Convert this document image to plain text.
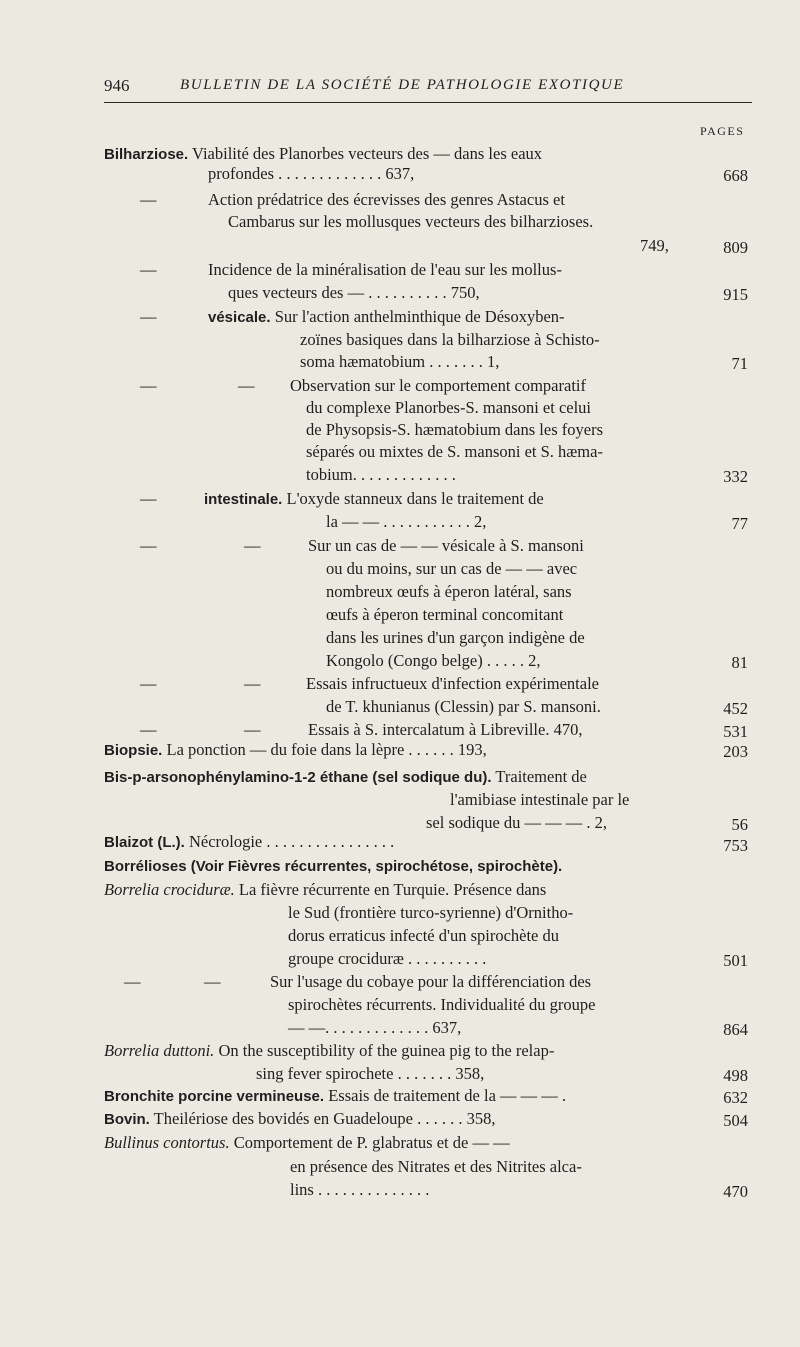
946	BULLETIN DE LA SOCIÉTÉ DE PATHOLOGIE EXOTIQUE
PAGES
Bilharziose. Viabilité des Planorbes vecteurs des — dans les eaux
profondes . . . . . . . . . . . . . 637,	668
—	Action prédatrice des écrevisses des genres Astacus et
Cambarus sur les mollusques vecteurs des bilharzioses.
749,	809
—	Incidence de la minéralisation de l'eau sur les mollus-
ques vecteurs des — . . . . . . . . . . 750,	915
—	vésicale. Sur l'action anthelminthique de Désoxyben-
zoïnes basiques dans la bilharziose à Schisto-
soma hæmatobium . . . . . . . 1,	71
—	— Observation sur le comportement comparatif
du complexe Planorbes-S. mansoni et celui
de Physopsis-S. hæmatobium dans les foyers
séparés ou mixtes de S. mansoni et S. hæma-
tobium. . . . . . . . . . . . .	332
—	intestinale. L'oxyde stanneux dans le traitement de
la — — . . . . . . . . . . . 2,	77
—	—	Sur un cas de — — vésicale à S. mansoni
ou du moins, sur un cas de — — avec
nombreux œufs à éperon latéral, sans
œufs à éperon terminal concomitant
dans les urines d'un garçon indigène de
Kongolo (Congo belge) . . . . . 2,	81
—	—	Essais infructueux d'infection expérimentale
de T. khunianus (Clessin) par S. mansoni.	452
—	—	Essais à S. intercalatum à Libreville. 470,	531
Biopsie. La ponction — du foie dans la lèpre . . . . . . 193,	203
Bis-p-arsonophénylamino-1-2 éthane (sel sodique du). Traitement de
l'amibiase intestinale par le
sel sodique du — — — . 2,	56
Blaizot (L.). Nécrologie . . . . . . . . . . . . . . . .	753
Borrélioses (Voir Fièvres récurrentes, spirochétose, spirochète).
Borrelia crociduræ. La fièvre récurrente en Turquie. Présence dans
le Sud (frontière turco-syrienne) d'Ornitho-
dorus erraticus infecté d'un spirochète du
groupe crociduræ . . . . . . . . . .	501
—	—	Sur l'usage du cobaye pour la différenciation des
spirochètes récurrents. Individualité du groupe
— —. . . . . . . . . . . . . 637,	864
Borrelia duttoni. On the susceptibility of the guinea pig to the relap-
sing fever spirochete . . . . . . . 358,	498
Bronchite porcine vermineuse. Essais de traitement de la — — — .	632
Bovin. Theilériose des bovidés en Guadeloupe . . . . . . 358,	504
Bullinus contortus. Comportement de P. glabratus et de — —
en présence des Nitrates et des Nitrites alca-
lins . . . . . . . . . . . . . .	470
